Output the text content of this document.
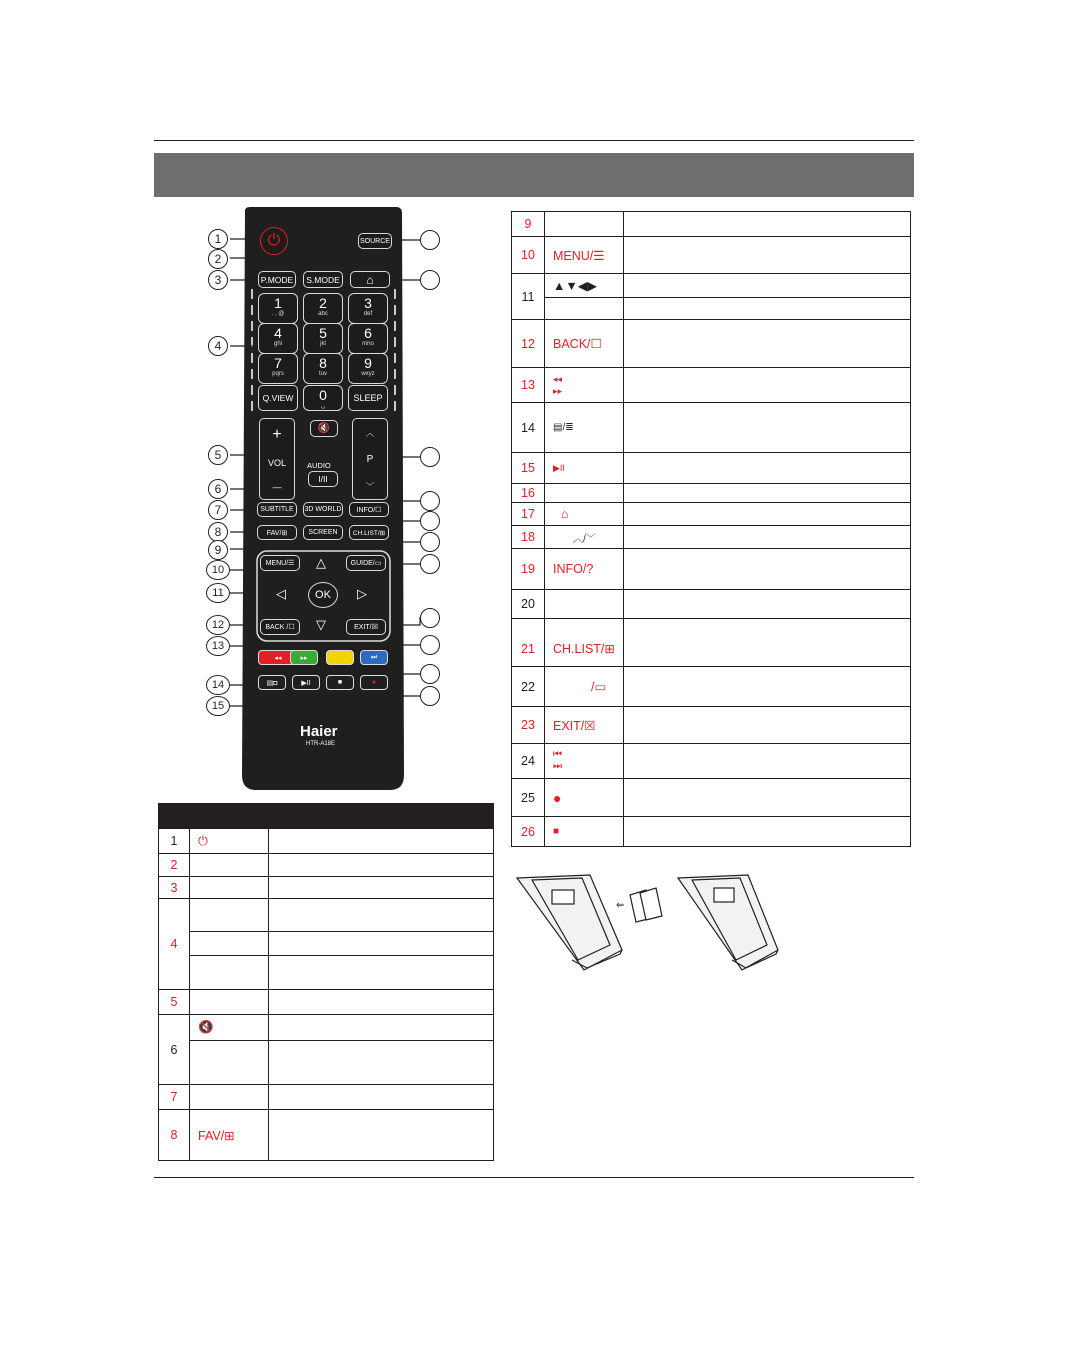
⏻	SOURCE
P.MODE	S.MODE ⌂
1
. , @
2
abc
3
def
4
ghi
5
jkl
6
mno
7
pqrs
8
tuv
9
wxyz
Q.VIEW	0
␣
SLEEP
+
VOL
—
🔇
AUDIO
I/II
︿
P
﹀
SUBTITLE	3D WORLD	INFO/☐
FAV/⊞	SCREEN	CH.LIST/⊞
MENU/☰	GUIDE/▭
△
◁	OK	▷
▽
BACK /☐	EXIT/☒
◂◂	▸▸	⏭
▤◘	▶II	■	●
Haier
HTR-A18E
1
2
3
4
5
6
7
8
9
10
11
12
13
14
15

1	⏻	
2		
3		
4		

5		
6	🔇	

7		
8	FAV/⊞	
9		
10	MENU/☰	
11	▲▼◀▶	

12	BACK/☐	
13	◂◂
▸▸	
14	▤/≣	
15	▶II	
16		
17	⌂	
18	︿/﹀	
19	INFO/?	
20		
21	CH.LIST/⊞	
22	/▭	
23	EXIT/☒	
24	⏮
⏭	
25	●	
26	■	
⇐
